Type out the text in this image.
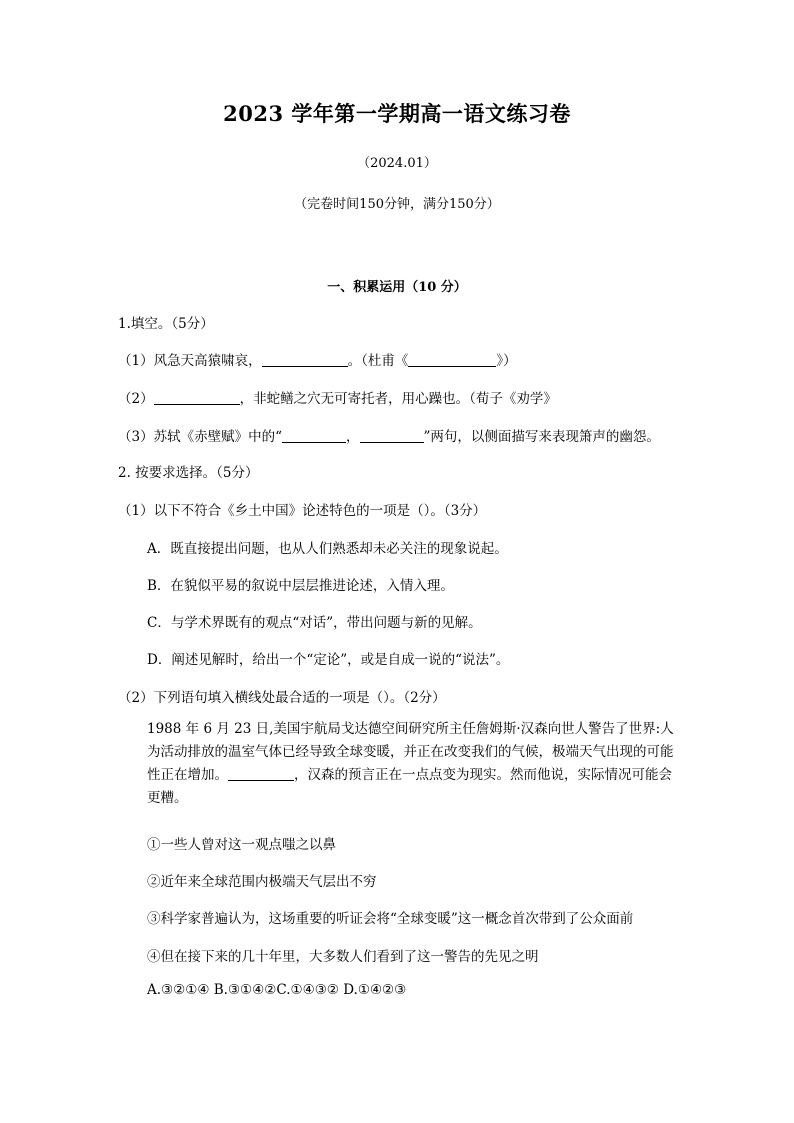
2023 学年第一学期高一语文练习卷
（2024.01）
（完卷时间150分钟，满分150分）
一、积累运用（10 分）
1.填空。（5分）
（1）风急天高猿啸哀，	。（杜甫《	》）
（2）	，非蛇鳝之穴无可寄托者，用心躁也。（荀子《劝学》
（3）苏轼《赤壁赋》中的“	，	”两句，以侧面描写来表现箫声的幽怨。
2. 按要求选择。（5分）
（1）以下不符合《乡土中国》论述特色的一项是（）。（3分）
A．既直接提出问题，也从人们熟悉却未必关注的现象说起。
B．在貌似平易的叙说中层层推进论述，入情入理。
C．与学术界既有的观点“对话”，带出问题与新的见解。
D．阐述见解时，给出一个“定论”，或是自成一说的“说法”。
（2）下列语句填入横线处最合适的一项是（）。（2分）
1988 年 6 月 23 日,美国宇航局戈达德空间研究所主任詹姆斯·汉森向世人警告了世界:人为活动排放的温室气体已经导致全球变暖，并正在改变我们的气候，极端天气出现的可能性正在增加。	，汉森的预言正在一点点变为现实。然而他说，实际情况可能会更糟。
①一些人曾对这一观点嗤之以鼻
②近年来全球范围内极端天气层出不穷
③科学家普遍认为，这场重要的听证会将“全球变暖”这一概念首次带到了公众面前
④但在接下来的几十年里，大多数人们看到了这一警告的先见之明
A.③②①④ B.③①④②C.①④③② D.①④②③
